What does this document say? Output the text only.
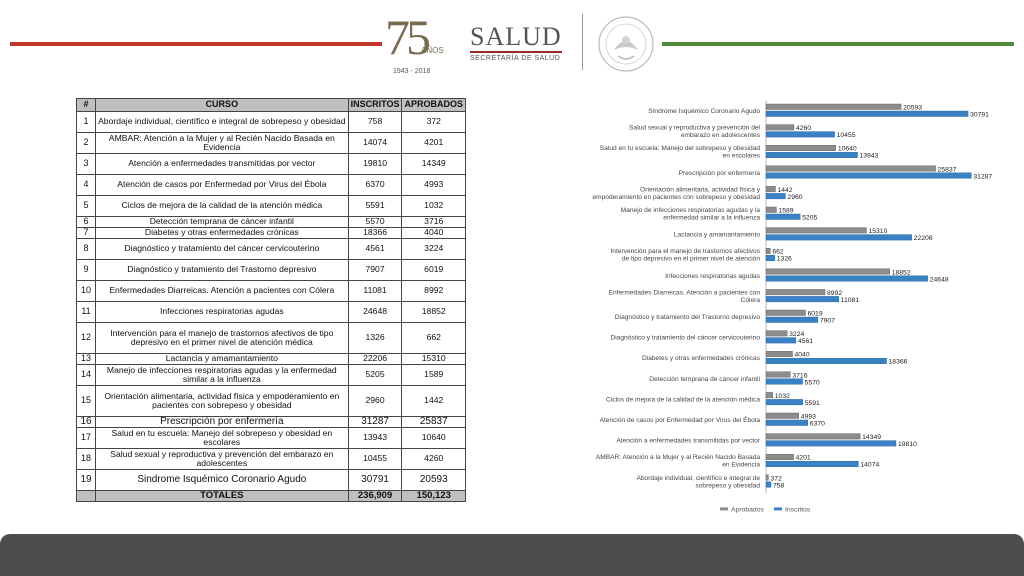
75
AÑOS
1943 - 2018
SALUD
SECRETARÍA DE SALUD
#	CURSO	INSCRITOS	APROBADOS
1	Abordaje individual, científico e integral de sobrepeso y obesidad	758	372
2	AMBAR: Atención a la Mujer y al Recién Nacido Basada en Evidencia	14074	4201
3	Atención a enfermedades transmitidas por vector	19810	14349
4	Atención de casos por Enfermedad por Virus del Ébola	6370	4993
5	Ciclos de mejora de la calidad de la atención médica	5591	1032
6	Detección temprana de cáncer infantil	5570	3716
7	Diabetes y otras enfermedades crónicas	18366	4040
8	Diagnóstico y tratamiento del cáncer cervicouterino	4561	3224
9	Diagnóstico y tratamiento del Trastorno depresivo	7907	6019
10	Enfermedades Diarreicas. Atención a pacientes con Cólera	11081	8992
11	Infecciones respiratorias agudas	24648	18852
12	Intervención para el manejo de trastornos afectivos de tipo depresivo en el primer nivel de atención médica	1326	662
13	Lactancia y amamantamiento	22206	15310
14	Manejo de infecciones respiratorias agudas y la enfermedad similar a la influenza	5205	1589
15	Orientación alimentaria, actividad física y empoderamiento en pacientes con sobrepeso y obesidad	2960	1442
16	Prescripción por enfermería	31287	25837
17	Salud en tu escuela: Manejo del sobrepeso y obesidad en escolares	13943	10640
18	Salud sexual y reproductiva y prevención del embarazo en adolescentes	10455	4260
19	Sindrome Isquémico Coronario Agudo	30791	20593
	TOTALES	236,909	150,123
Síndrome Isquémico Coronario Agudo	20593
30791
Salud sexual y reproductiva y prevención del embarazo en adolescentes
4260
10455
Salud en tu escuela: Manejo del sobrepeso y obesidad en escolares
10640
13943
Prescripción por enfermería	25837
31287
Orientación alimentaria, actividad física y empoderamiento en pacientes con sobrepeso y obesidad
1442
2960
Manejo de infecciones respiratorias agudas y la enfermedad similar a la influenza
1589
5205
Lactancia y amamantamiento	15310
22206
Intervención para el manejo de trastornos afectivos de tipo depresivo en el primer nivel de atención
662
1326
Infecciones respiratorias agudas	18852
24648
Enfermedades Diarreicas. Atención a pacientes con Cólera
8992
11081
Diagnóstico y tratamiento del Trastorno depresivo	6019
7907
Diagnóstico y tratamiento del cáncer cervicouterino	3224
4561
Diabetes y otras enfermedades crónicas	4040
18366
Detección temprana de cáncer infantil	3716
5570
Ciclos de mejora de la calidad de la atención médica 1032
5591
Atención de casos por Enfermedad por Virus del Ébola	4993
6370
Atención a enfermedades transmitidas por vector	14349
19810
AMBAR: Atención a la Mujer y al Recién Nacido Basada en Evidencia
4201
14074
Abordaje individual, científico e integral de sobrepeso y obesidad
372
758
Aprobados	Inscritos
